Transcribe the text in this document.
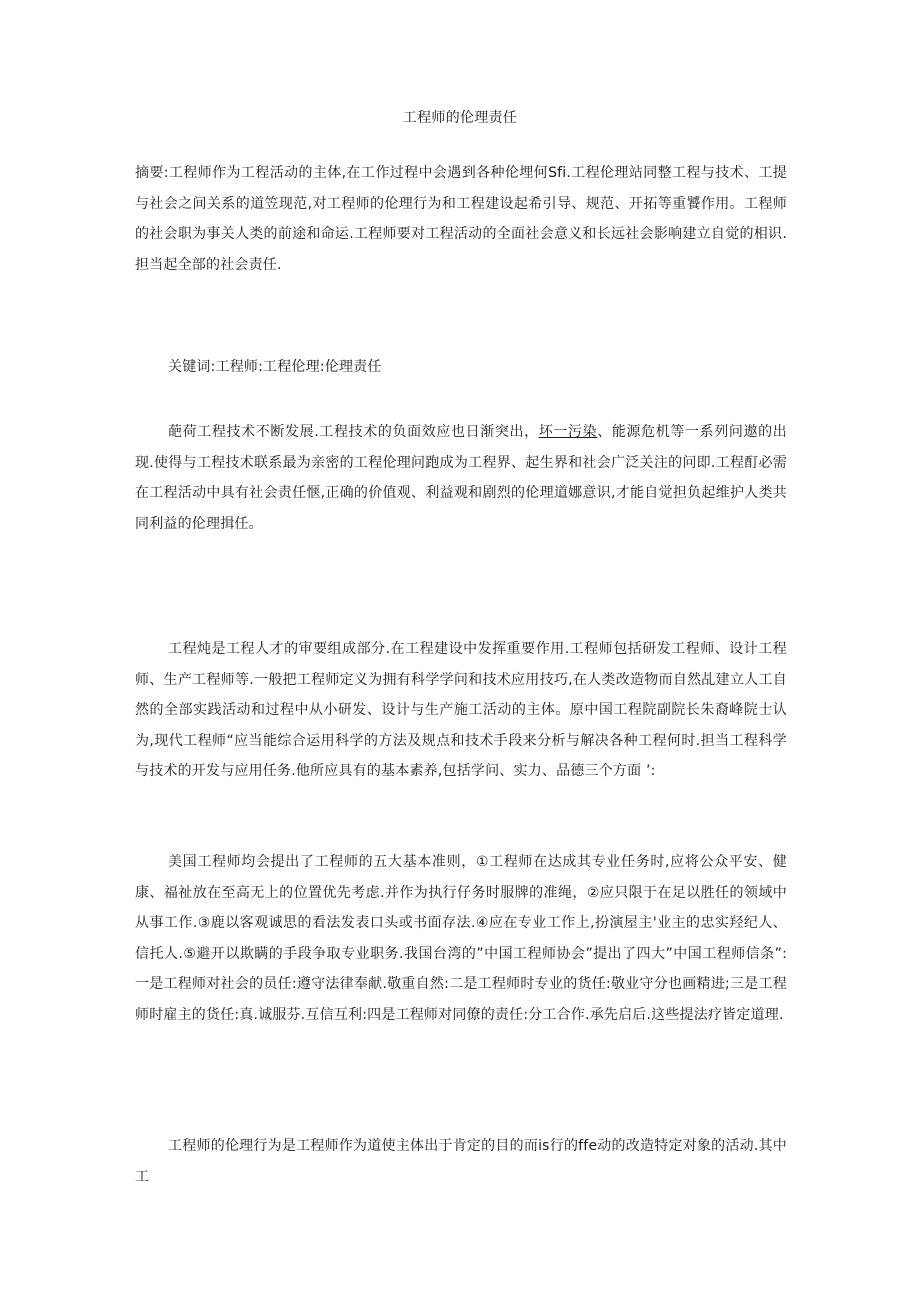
工程师的伦理责任

摘要:工程师作为工程活动的主体,在工作过程中会遇到各种伦埋何Sfi.工程伦理站同整工程与技术、工提与社会之间关系的道笠现范,对工程师的伦理行为和工程建设起希引导、规范、开拓等重饕作用。工程师的社会职为事关人类的前途和命运.工程师要对工程活动的全面社会意义和长远社会影响建立自觉的相识.担当起全部的社会责任.

关键词:工程师:工程伦理:伦理责任

葩荷工程技术不断发展.工程技术的负面效应也日渐突出，坏一污染、能源危机等一系列问遨的出现.使得与工程技术联系最为亲密的工程伦理问跑成为工程界、起生界和社会广泛关注的问即.工程酊必需在工程活动中具有社会责任惬,正确的价值观、利益观和剧烈的伦理道娜意识,才能自觉担负起维护人类共同利益的伦理揖任。

工程炖是工程人才的审要组成部分.在工程建设中发挥重要作用.工程师包括研发工程师、设计工程师、生产工程师等.一般把工程师定义为拥有科学学问和技术应用技巧,在人类改造物而自然乩建立人工自然的全部实践活动和过程中从小研发、设计与生产施工活动的主体。原中国工程院副院长朱裔峰院士认为,现代工程师“应当能综合运用科学的方法及规点和技术手段来分析与解决各种工程何时.担当工程科学与技术的开发与应用任务.他所应具有的基本素养,包括学问、实力、品德三个方面 ’:

美国工程师均会提出了工程师的五大基本准则，①工程师在达成其专业任务时,应将公众平安、健康、福祉放在至高无上的位置优先考虑.并作为执行仔务时服牌的准绳，②应只限于在足以胜任的领域中从事工作.③鹿以客观诚思的看法发表口头或书面存法.④应在专业工作上,扮演屋主'业主的忠实羟纪人、信托人.⑤避开以欺瞒的手段争取专业职务.我国台湾的”中国工程师协会”提出了四大”中国工程师信条”:一是工程师对社会的员任:遵守法律奉献.敬重自然:二是工程师时专业的货任:敬业守分也画精进;三是工程师时雇主的货任:真.诚服芬.互信互利:四是工程师对同僚的责任:分工合作.承先启后.这些提法疗皆定道理.

工程师的伦理行为是工程师作为道使主体出于肯定的目的而is行的ffe动的改造特定对象的活动.其中工
